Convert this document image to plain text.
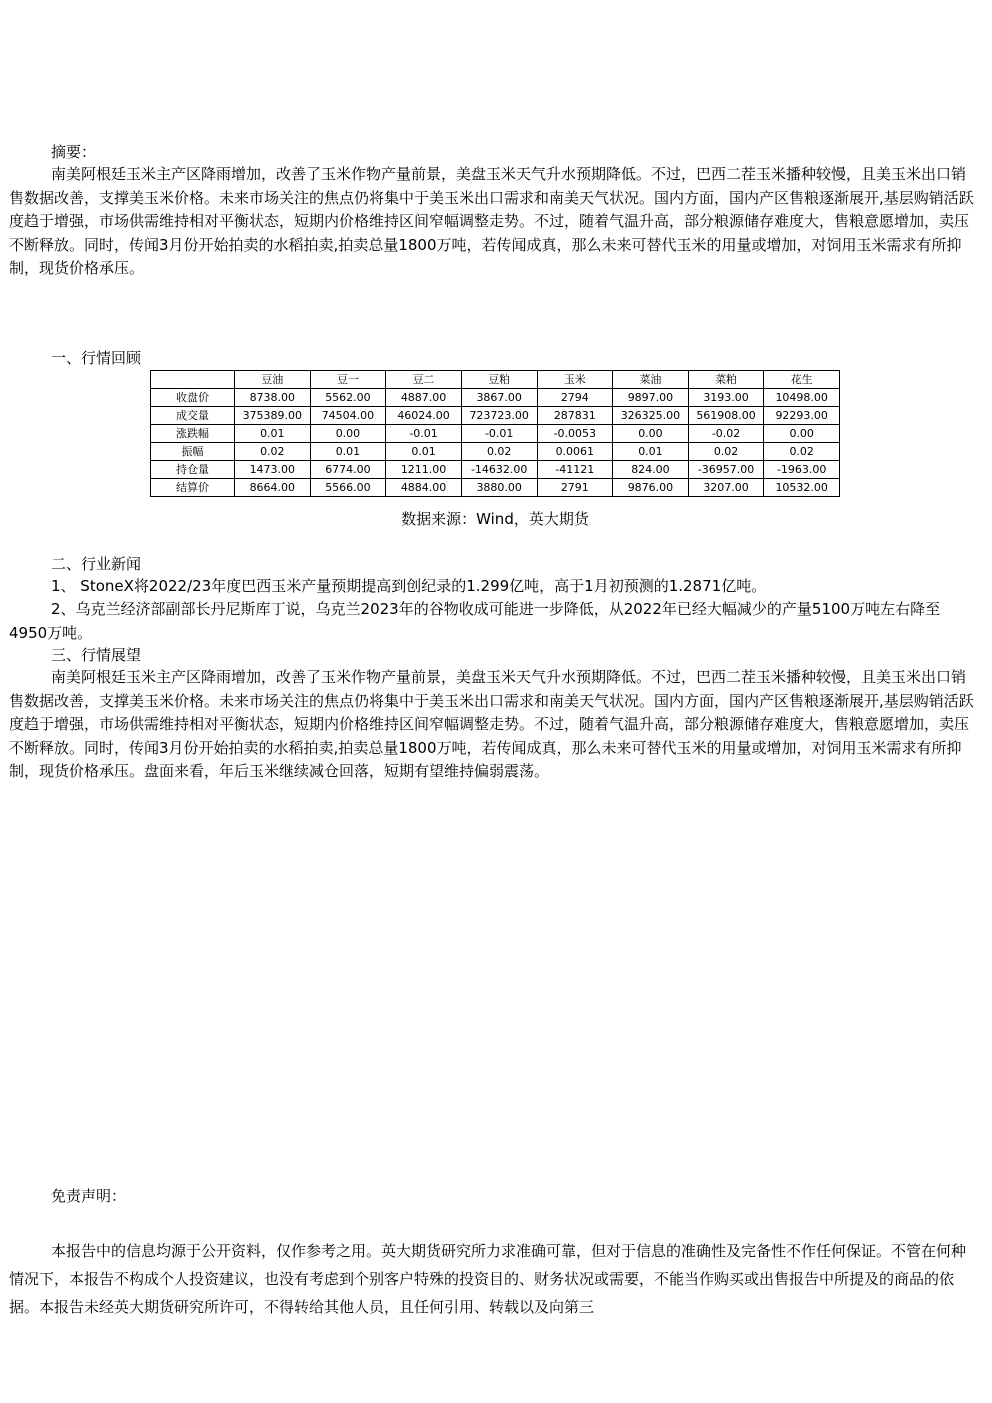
摘要：

南美阿根廷玉米主产区降雨增加，改善了玉米作物产量前景，美盘玉米天气升水预期降低。不过，巴西二茬玉米播种较慢，且美玉米出口销售数据改善，支撑美玉米价格。未来市场关注的焦点仍将集中于美玉米出口需求和南美天气状况。国内方面，国内产区售粮逐渐展开,基层购销活跃度趋于增强，市场供需维持相对平衡状态，短期内价格维持区间窄幅调整走势。不过，随着气温升高，部分粮源储存难度大，售粮意愿增加，卖压不断释放。同时，传闻3月份开始拍卖的水稻拍卖,拍卖总量1800万吨，若传闻成真，那么未来可替代玉米的用量或增加，对饲用玉米需求有所抑制，现货价格承压。

一、行情回顾

	豆油	豆一	豆二	豆粕	玉米	菜油	菜粕	花生
收盘价	8738.00	5562.00	4887.00	3867.00	2794	9897.00	3193.00	10498.00
成交量	375389.00	74504.00	46024.00	723723.00	287831	326325.00	561908.00	92293.00
涨跌幅	0.01	0.00	-0.01	-0.01	-0.0053	0.00	-0.02	0.00
振幅	0.02	0.01	0.01	0.02	0.0061	0.01	0.02	0.02
持仓量	1473.00	6774.00	1211.00	-14632.00	-41121	824.00	-36957.00	-1963.00
结算价	8664.00	5566.00	4884.00	3880.00	2791	9876.00	3207.00	10532.00
数据来源：Wind，英大期货

二、行业新闻

1、 StoneX将2022/23年度巴西玉米产量预期提高到创纪录的1.299亿吨，高于1月初预测的1.2871亿吨。

2、乌克兰经济部副部长丹尼斯库丁说，乌克兰2023年的谷物收成可能进一步降低，从2022年已经大幅减少的产量5100万吨左右降至4950万吨。

三、行情展望

南美阿根廷玉米主产区降雨增加，改善了玉米作物产量前景，美盘玉米天气升水预期降低。不过，巴西二茬玉米播种较慢，且美玉米出口销售数据改善，支撑美玉米价格。未来市场关注的焦点仍将集中于美玉米出口需求和南美天气状况。国内方面，国内产区售粮逐渐展开,基层购销活跃度趋于增强，市场供需维持相对平衡状态，短期内价格维持区间窄幅调整走势。不过，随着气温升高，部分粮源储存难度大，售粮意愿增加，卖压不断释放。同时，传闻3月份开始拍卖的水稻拍卖,拍卖总量1800万吨，若传闻成真，那么未来可替代玉米的用量或增加，对饲用玉米需求有所抑制，现货价格承压。盘面来看，年后玉米继续减仓回落，短期有望维持偏弱震荡。

免责声明：

本报告中的信息均源于公开资料，仅作参考之用。英大期货研究所力求准确可靠，但对于信息的准确性及完备性不作任何保证。不管在何种情况下，本报告不构成个人投资建议，也没有考虑到个别客户特殊的投资目的、财务状况或需要，不能当作购买或出售报告中所提及的商品的依据。本报告未经英大期货研究所许可，不得转给其他人员，且任何引用、转载以及向第三
